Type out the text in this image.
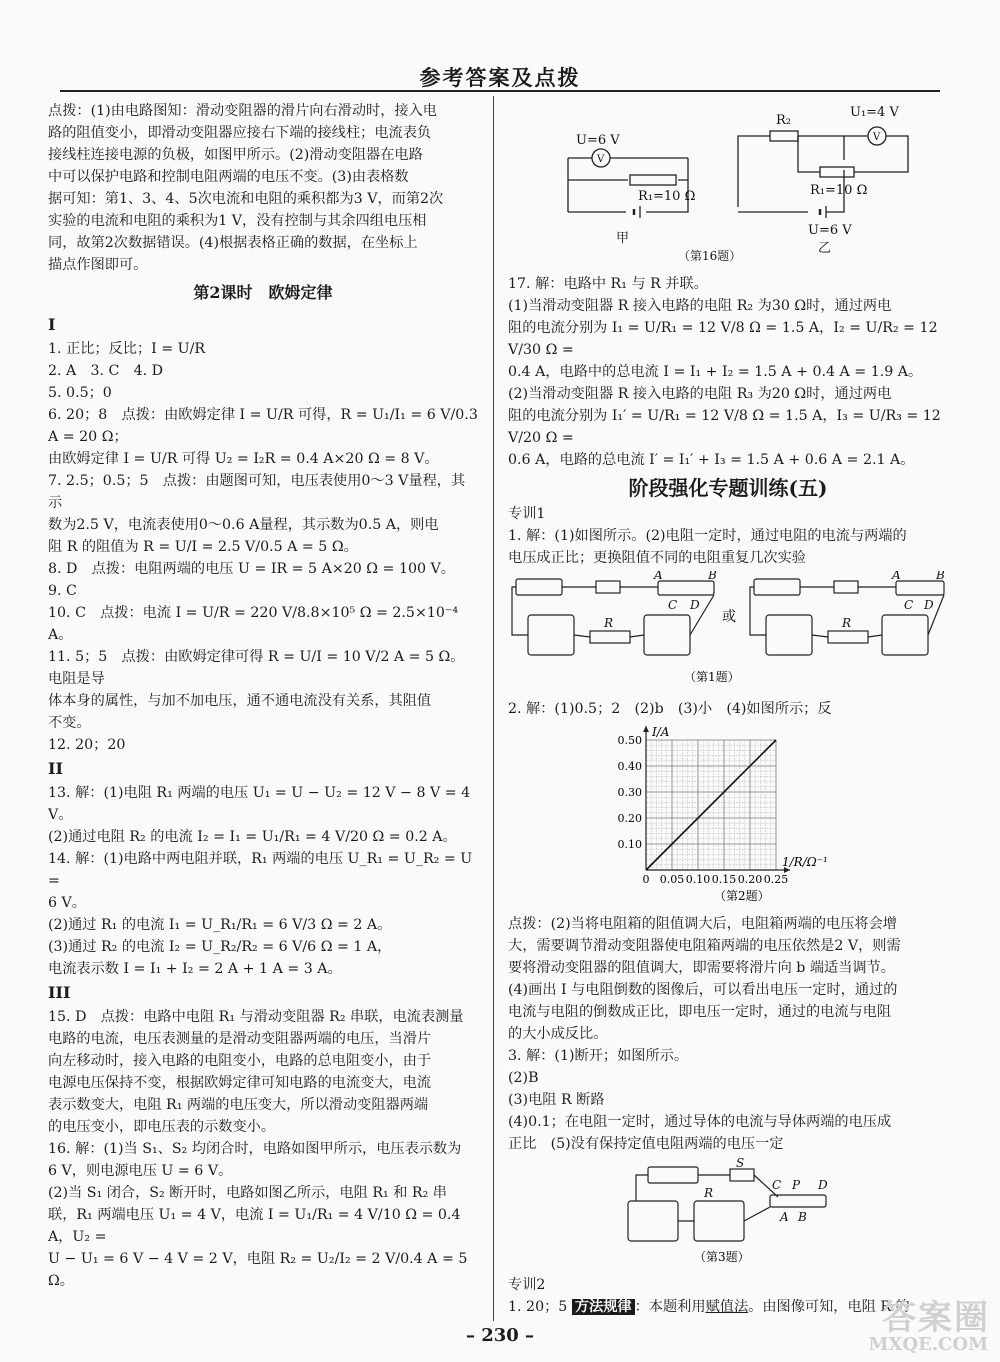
参考答案及点拨

点拨：(1)由电路图知：滑动变阻器的滑片向右滑动时，接入电

路的阻值变小，即滑动变阻器应接右下端的接线柱；电流表负

接线柱连接电源的负极，如图甲所示。(2)滑动变阻器在电路

中可以保护电路和控制电阻两端的电压不变。(3)由表格数

据可知：第1、3、4、5次电流和电阻的乘积都为3 V，而第2次

实验的电流和电阻的乘积为1 V，没有控制与其余四组电压相

同，故第2次数据错误。(4)根据表格正确的数据，在坐标上

描点作图即可。

第2课时　欧姆定律
I

1. 正比；反比；I = U/R

2. A　3. C　4. D

5. 0.5；0

6. 20；8　点拨：由欧姆定律 I = U/R 可得，R = U₁/I₁ = 6 V/0.3 A = 20 Ω；

由欧姆定律 I = U/R 可得 U₂ = I₂R = 0.4 A×20 Ω = 8 V。

7. 2.5；0.5；5　点拨：由题图可知，电压表使用0～3 V量程，其示

数为2.5 V，电流表使用0～0.6 A量程，其示数为0.5 A，则电

阻 R 的阻值为 R = U/I = 2.5 V/0.5 A = 5 Ω。

8. D　点拨：电阻两端的电压 U = IR = 5 A×20 Ω = 100 V。

9. C

10. C　点拨：电流 I = U/R = 220 V/8.8×10⁵ Ω = 2.5×10⁻⁴ A。

11. 5；5　点拨：由欧姆定律可得 R = U/I = 10 V/2 A = 5 Ω。电阻是导

体本身的属性，与加不加电压，通不通电流没有关系，其阻值

不变。

12. 20；20

II

13. 解：(1)电阻 R₁ 两端的电压 U₁ = U − U₂ = 12 V − 8 V = 4 V。

(2)通过电阻 R₂ 的电流 I₂ = I₁ = U₁/R₁ = 4 V/20 Ω = 0.2 A。

14. 解：(1)电路中两电阻并联，R₁ 两端的电压 U_R₁ = U_R₂ = U =

6 V。

(2)通过 R₁ 的电流 I₁ = U_R₁/R₁ = 6 V/3 Ω = 2 A。

(3)通过 R₂ 的电流 I₂ = U_R₂/R₂ = 6 V/6 Ω = 1 A，

电流表示数 I = I₁ + I₂ = 2 A + 1 A = 3 A。

III

15. D　点拨：电路中电阻 R₁ 与滑动变阻器 R₂ 串联，电流表测量

电路的电流，电压表测量的是滑动变阻器两端的电压，当滑片

向左移动时，接入电路的电阻变小，电路的总电阻变小，由于

电源电压保持不变，根据欧姆定律可知电路的电流变大，电流

表示数变大，电阻 R₁ 两端的电压变大，所以滑动变阻器两端

的电压变小，即电压表的示数变小。

16. 解：(1)当 S₁、S₂ 均闭合时，电路如图甲所示，电压表示数为

6 V，则电源电压 U = 6 V。

(2)当 S₁ 闭合，S₂ 断开时，电路如图乙所示，电阻 R₁ 和 R₂ 串

联，R₁ 两端电压 U₁ = 4 V，电流 I = U₁/R₁ = 4 V/10 Ω = 0.4 A，U₂ =

U − U₁ = 6 V − 4 V = 2 V，电阻 R₂ = U₂/I₂ = 2 V/0.4 A = 5 Ω。

U=6 V
V
R₁=10 Ω
甲
R₂
U₁=4 V
V
R₁=10 Ω
U=6 V
乙
（第16题）

17. 解：电路中 R₁ 与 R 并联。

(1)当滑动变阻器 R 接入电路的电阻 R₂ 为30 Ω时，通过两电

阻的电流分别为 I₁ = U/R₁ = 12 V/8 Ω = 1.5 A，I₂ = U/R₂ = 12 V/30 Ω =

0.4 A，电路中的总电流 I = I₁ + I₂ = 1.5 A + 0.4 A = 1.9 A。

(2)当滑动变阻器 R 接入电路的电阻 R₃ 为20 Ω时，通过两电

阻的电流分别为 I₁′ = U/R₁ = 12 V/8 Ω = 1.5 A，I₃ = U/R₃ = 12 V/20 Ω =

0.6 A，电路的总电流 I′ = I₁′ + I₃ = 1.5 A + 0.6 A = 2.1 A。

阶段强化专题训练(五)

专训1

1. 解：(1)如图所示。(2)电阻一定时，通过电阻的电流与两端的

电压成正比；更换阻值不同的电阻重复几次实验

A	B
C D
R
A	B
C D
R
或
（第1题）

2. 解：(1)0.5；2　(2)b　(3)小　(4)如图所示；反

0 0.05 0.10 0.15 0.20 0.25
0.10
0.20
0.30
0.40
0.50
I/A
1/R/Ω⁻¹
（第2题）

点拨：(2)当将电阻箱的阻值调大后，电阻箱两端的电压将会增

大，需要调节滑动变阻器使电阻箱两端的电压依然是2 V，则需

要将滑动变阻器的阻值调大，即需要将滑片向 b 端适当调节。

(4)画出 I 与电阻倒数的图像后，可以看出电压一定时，通过的

电流与电阻的倒数成正比，即电压一定时，通过的电流与电阻

的大小成反比。

3. 解：(1)断开；如图所示。

(2)B

(3)电阻 R 断路

(4)0.1；在电阻一定时，通过导体的电流与导体两端的电压成

正比　(5)没有保持定值电阻两端的电压一定

S
C P D
A B
R
（第3题）

专训2

1. 20；5 方法规律 ：本题利用赋值法。由图像可知，电阻 R 的

– 230 –	答案圈
MXQE.COM
